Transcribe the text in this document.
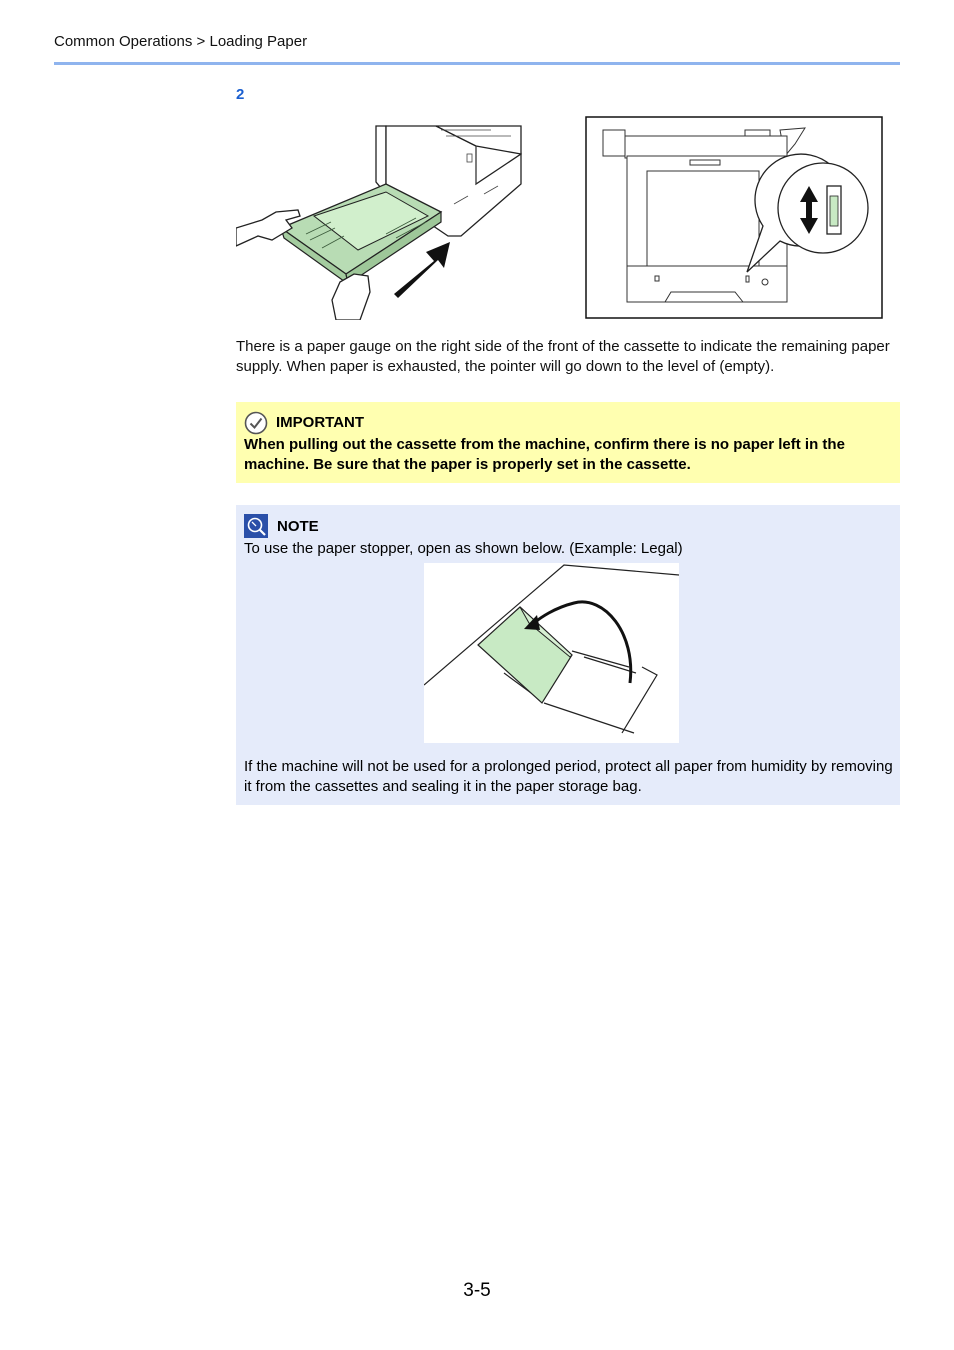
Common Operations > Loading Paper
2
There is a paper gauge on the right side of the front of the cassette to indicate the remaining paper supply. When paper is exhausted, the pointer will go down to the level of (empty).
IMPORTANT
When pulling out the cassette from the machine, confirm there is no paper left in the machine. Be sure that the paper is properly set in the cassette.
NOTE
To use the paper stopper, open as shown below. (Example: Legal)
If the machine will not be used for a prolonged period, protect all paper from humidity by removing it from the cassettes and sealing it in the paper storage bag.
3-5
